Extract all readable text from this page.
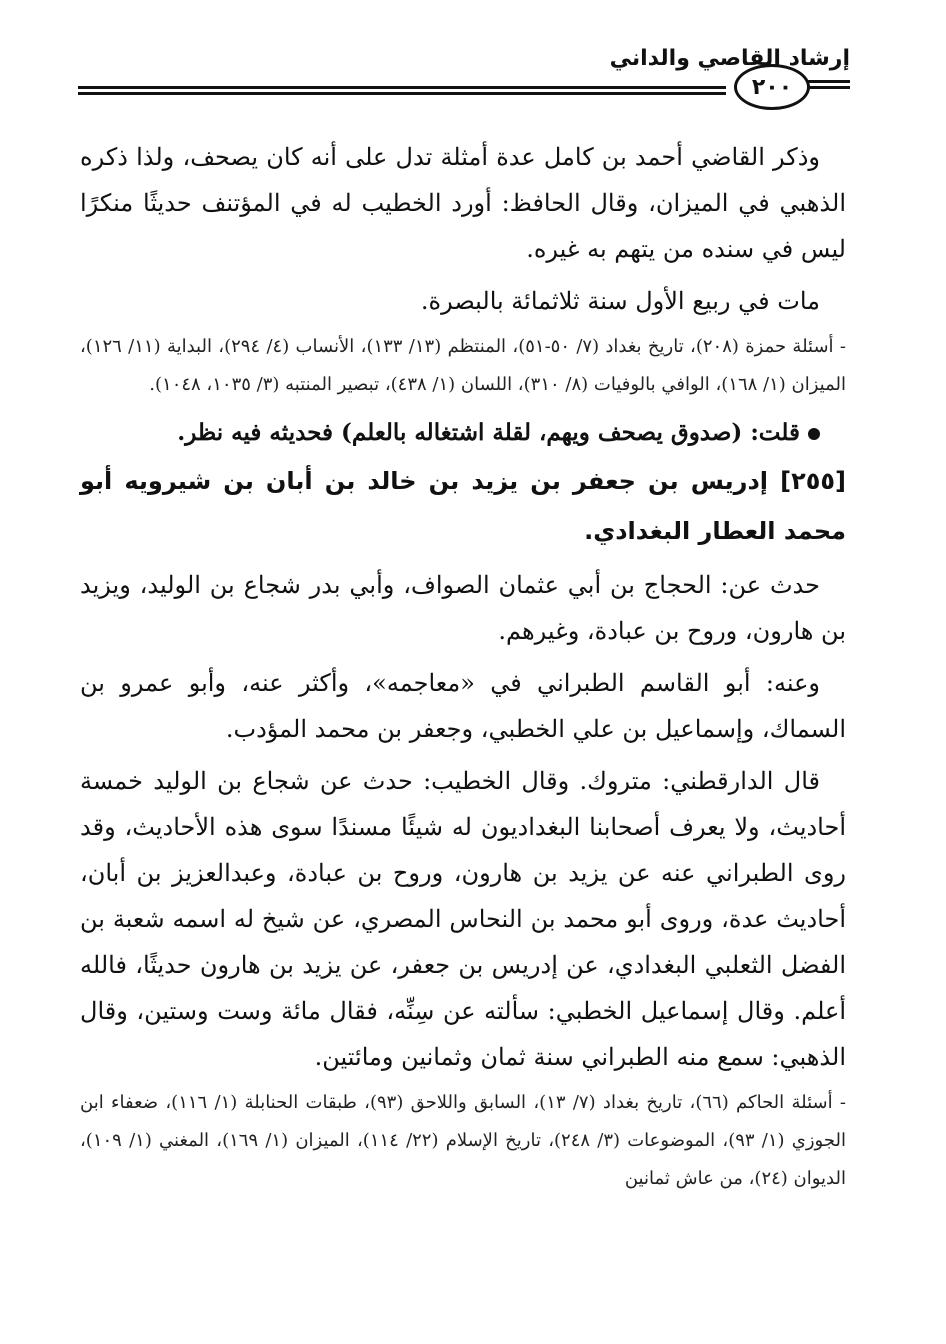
إرشاد القاصي والداني
٢٠٠

وذكر القاضي أحمد بن كامل عدة أمثلة تدل على أنه كان يصحف، ولذا ذكره الذهبي في الميزان، وقال الحافظ: أورد الخطيب له في المؤتنف حديثًا منكرًا ليس في سنده من يتهم به غيره.

مات في ربيع الأول سنة ثلاثمائة بالبصرة.

- أسئلة حمزة (٢٠٨)، تاريخ بغداد (٧/ ٥٠-٥١)، المنتظم (١٣/ ١٣٣)، الأنساب (٤/ ٢٩٤)، البداية (١١/ ١٢٦)، الميزان (١/ ١٦٨)، الوافي بالوفيات (٨/ ٣١٠)، اللسان (١/ ٤٣٨)، تبصير المنتبه (٣/ ١٠٣٥، ١٠٤٨).

قلت: (صدوق يصحف ويهم، لقلة اشتغاله بالعلم) فحديثه فيه نظر.

[٢٥٥] إدريس بن جعفر بن يزيد بن خالد بن أبان بن شيرويه أبو محمد العطار البغدادي.

حدث عن: الحجاج بن أبي عثمان الصواف، وأبي بدر شجاع بن الوليد، ويزيد بن هارون، وروح بن عبادة، وغيرهم.

وعنه: أبو القاسم الطبراني في «معاجمه»، وأكثر عنه، وأبو عمرو بن السماك، وإسماعيل بن علي الخطبي، وجعفر بن محمد المؤدب.

قال الدارقطني: متروك. وقال الخطيب: حدث عن شجاع بن الوليد خمسة أحاديث، ولا يعرف أصحابنا البغداديون له شيئًا مسندًا سوى هذه الأحاديث، وقد روى الطبراني عنه عن يزيد بن هارون، وروح بن عبادة، وعبدالعزيز بن أبان، أحاديث عدة، وروى أبو محمد بن النحاس المصري، عن شيخ له اسمه شعبة بن الفضل الثعلبي البغدادي، عن إدريس بن جعفر، عن يزيد بن هارون حديثًا، فالله أعلم. وقال إسماعيل الخطبي: سألته عن سِنِّه، فقال مائة وست وستين، وقال الذهبي: سمع منه الطبراني سنة ثمان وثمانين ومائتين.

- أسئلة الحاكم (٦٦)، تاريخ بغداد (٧/ ١٣)، السابق واللاحق (٩٣)، طبقات الحنابلة (١/ ١١٦)، ضعفاء ابن الجوزي (١/ ٩٣)، الموضوعات (٣/ ٢٤٨)، تاريخ الإسلام (٢٢/ ١١٤)، الميزان (١/ ١٦٩)، المغني (١/ ١٠٩)، الديوان (٢٤)، من عاش ثمانين
